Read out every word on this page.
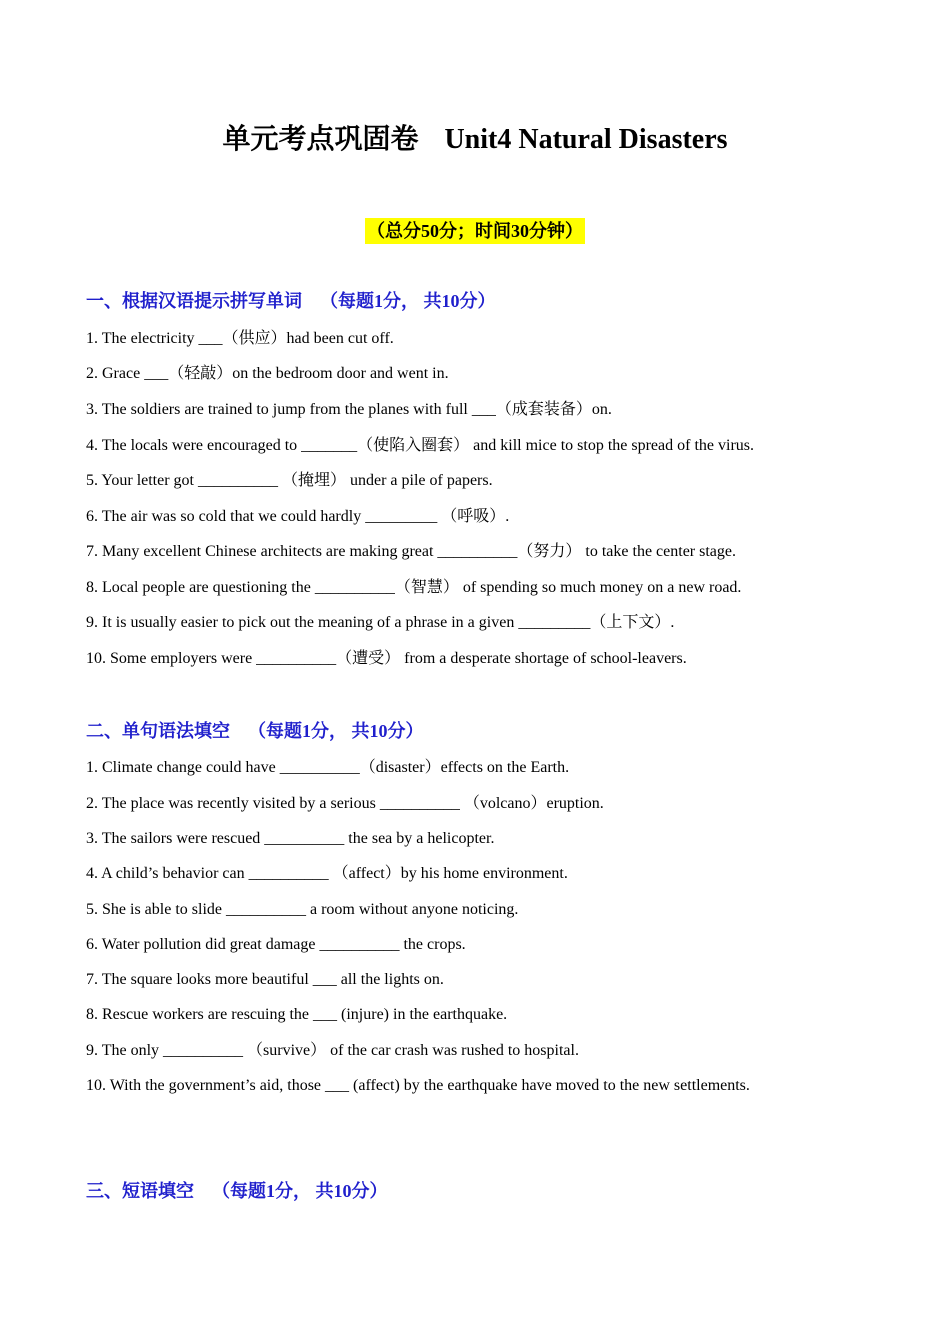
单元考点巩固卷 Unit4 Natural Disasters
（总分50分；时间30分钟）
一、根据汉语提示拼写单词 （每题1分， 共10分）
1. The electricity ___（供应）had been cut off.
2. Grace ___（轻敲）on the bedroom door and went in.
3. The soldiers are trained to jump from the planes with full ___（成套装备）on.
4. The locals were encouraged to _______（使陷入圈套） and kill mice to stop the spread of the virus.
5. Your letter got __________ （掩埋） under a pile of papers.
6. The air was so cold that we could hardly _________ （呼吸）.
7. Many excellent Chinese architects are making great __________（努力） to take the center stage.
8. Local people are questioning the __________（智慧） of spending so much money on a new road.
9. It is usually easier to pick out the meaning of a phrase in a given _________（上下文）.
10. Some employers were __________（遭受） from a desperate shortage of school-leavers.
二、单句语法填空 （每题1分， 共10分）
1. Climate change could have __________（disaster）effects on the Earth.
2. The place was recently visited by a serious __________ （volcano）eruption.
3. The sailors were rescued __________ the sea by a helicopter.
4. A child’s behavior can __________ （affect）by his home environment.
5. She is able to slide __________ a room without anyone noticing.
6. Water pollution did great damage __________ the crops.
7. The square looks more beautiful ___ all the lights on.
8. Rescue workers are rescuing the ___ (injure) in the earthquake.
9. The only __________ （survive） of the car crash was rushed to hospital.
10. With the government’s aid, those ___ (affect) by the earthquake have moved to the new settlements.
三、短语填空 （每题1分， 共10分）
